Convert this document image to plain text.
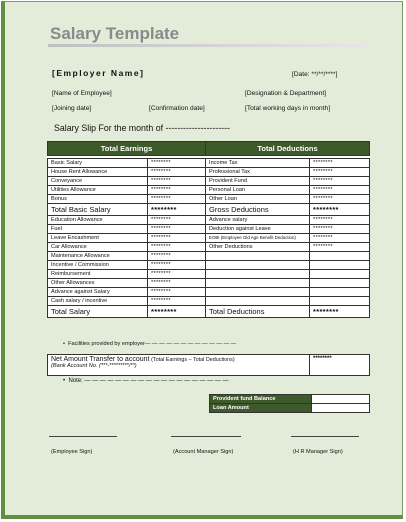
Salary Template
[Employer Name]	[Date: **/**/****]
[Name of Employee]	[Designation & Department]
[Joining date]	[Confirmation date]	[Total working days in month]
Salary Slip For the month of ----------------------
Total Earnings		Total Deductions	

Basic Salary	********	Income Tax	********
House Rent Allowance	********	Professional Tax	********
Conveyance	********	Provident Fund	********
Utilities Allowance	********	Personal Loan	********
Bonus	********	Other Loan	********
Total Basic Salary	********	Gross Deductions	********
Education Allowance	********	Advance salary	********
Fuel	********	Deduction against Leave	********
Leave Encashment	********	EOBI (Employee Old Age Benefit Deduction)	********
Car Allowance	********	Other Deductions	********
Maintenance Allowance	********		
Incentive / Commission	********		
Reimbursement	********		
Other Allowances	********		
Advance against Salary	********		
Cash salary / incentive	********		
Total Salary	********	Total Deductions	********
• Facilities provided by employer— — — — — — — — — — — — —
Net Amount Transfer to account (Total Earnings – Total Deductions)
(Bank Account No. (***-*********/**)	********
• Note: — — — — — — — — — — — — — — — — — — —
Provident fund Balance	
Loan Amount	
(Employee Sign)	(Account Manager Sign)	(H R Manager Sign)
